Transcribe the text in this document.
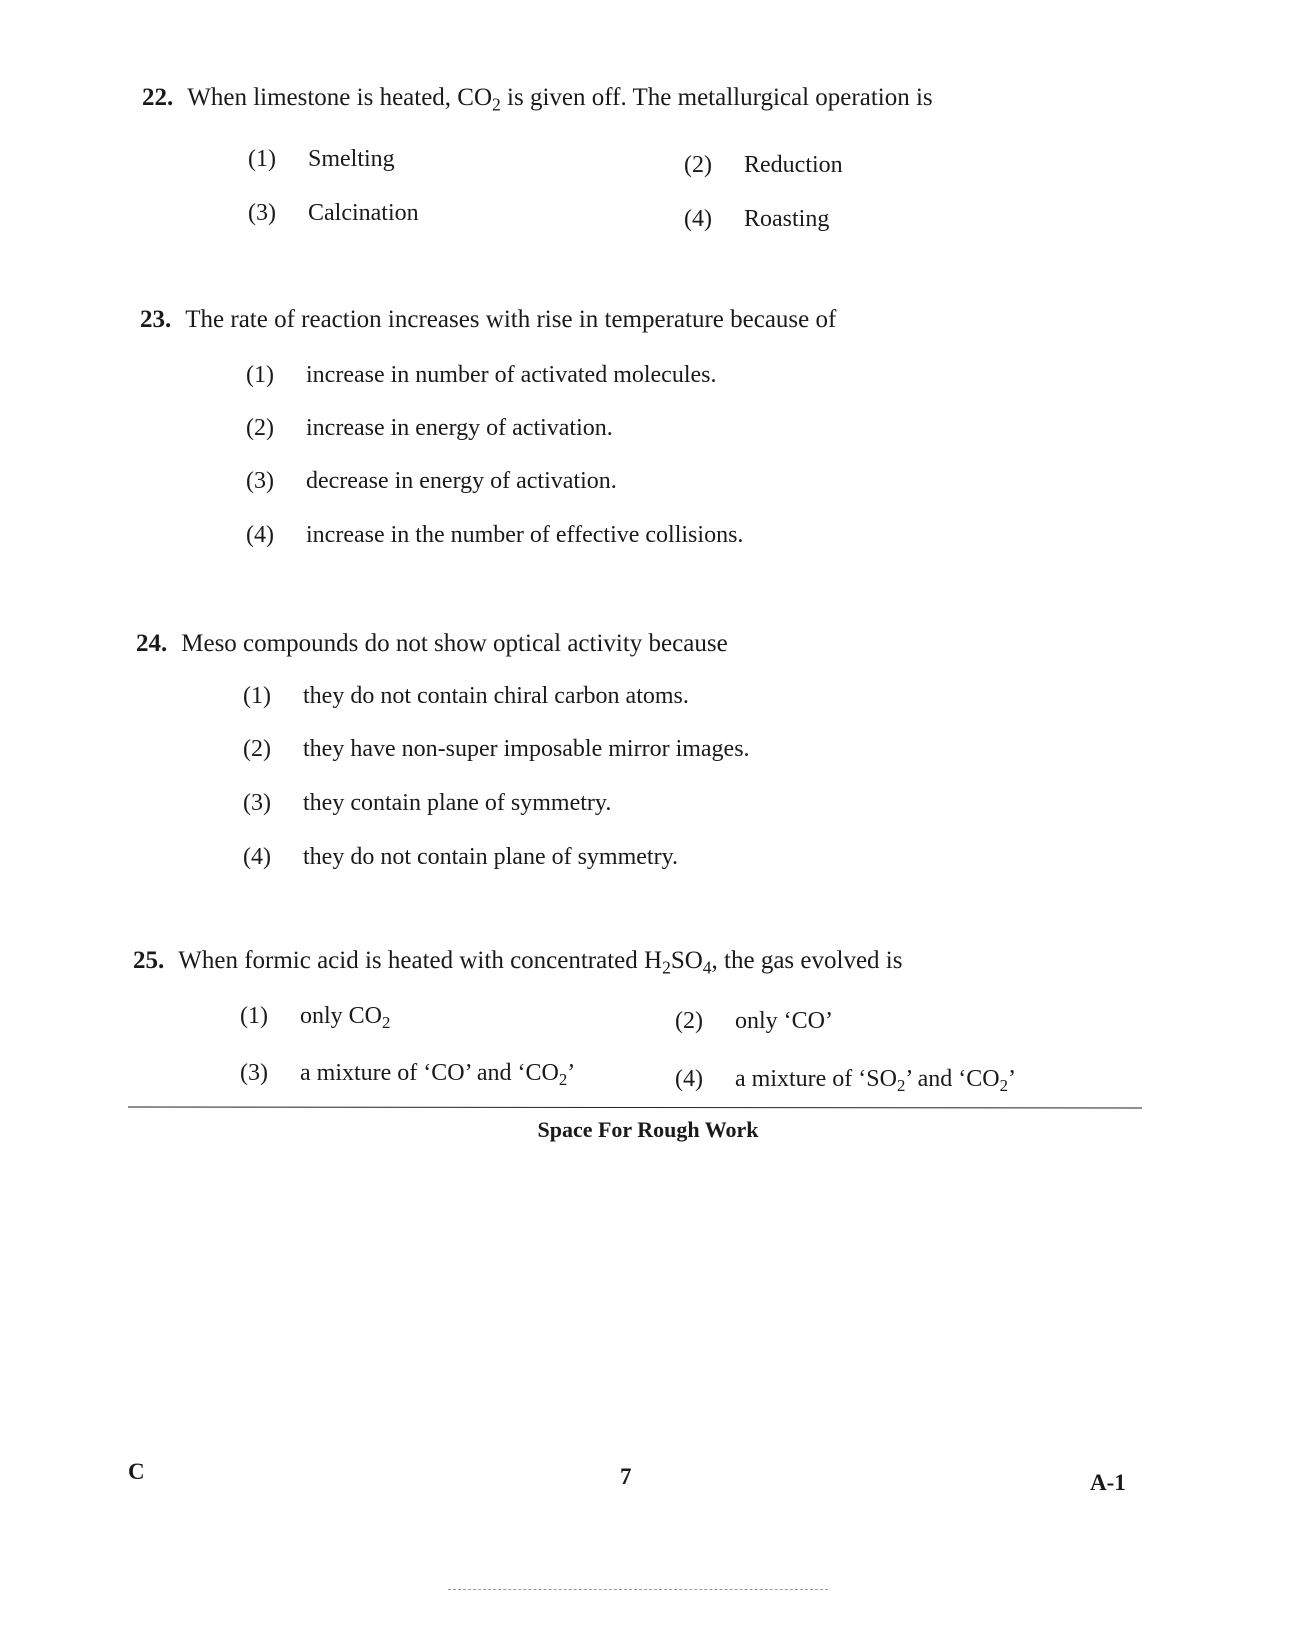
22. When limestone is heated, $CO_2$ is given off. The metallurgical operation is
(1) Smelting	(2) Reduction
(3) Calcination	(4) Roasting
23. The rate of reaction increases with rise in temperature because of
(1) increase in number of activated molecules.
(2) increase in energy of activation.
(3) decrease in energy of activation.
(4) increase in the number of effective collisions.
24. Meso compounds do not show optical activity because
(1) they do not contain chiral carbon atoms.
(2) they have non-super imposable mirror images.
(3) they contain plane of symmetry.
(4) they do not contain plane of symmetry.
25. When formic acid is heated with concentrated $H_2SO_4$, the gas evolved is
(1) only $CO_2$	(2) only ‘CO’
(3) a mixture of ‘CO’ and ‘$CO_2$’	(4) a mixture of ‘$SO_2$’ and ‘$CO_2$’
Space For Rough Work
C	7	A-1
